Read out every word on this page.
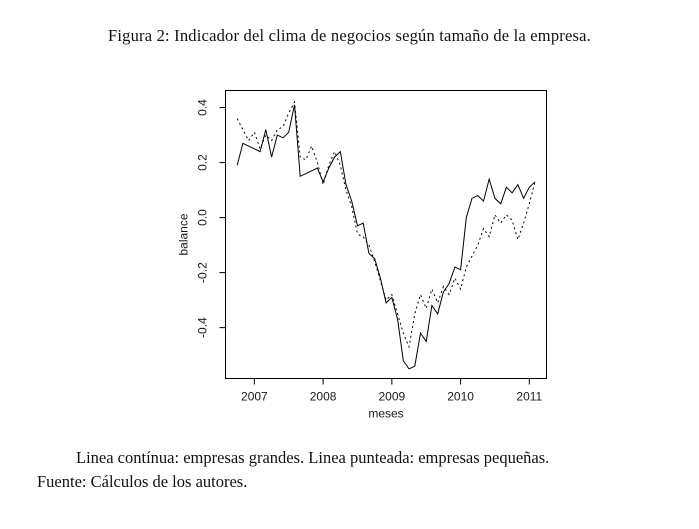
Figura 2: Indicador del clima de negocios según tamaño de la empresa.
2007	2008	2009	2010	2011
0.4
0.2
0.0
-0.2
-0.4
meses
balance
Linea contínua: empresas grandes. Linea punteada: empresas pequeñas.
Fuente: Cálculos de los autores.
